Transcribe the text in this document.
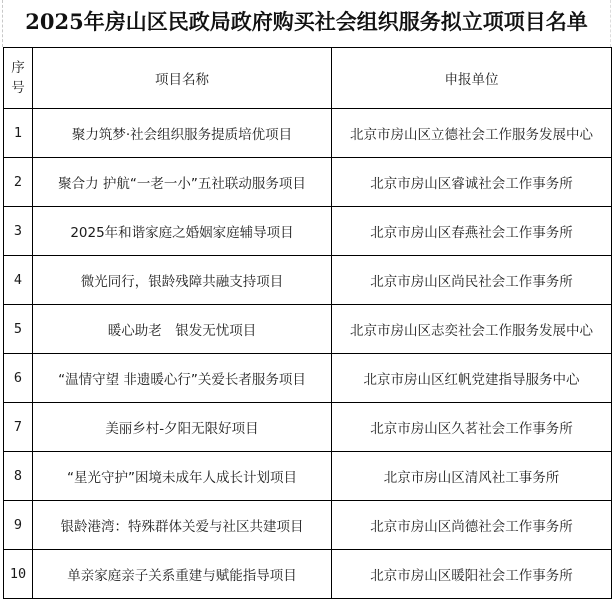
2025年房山区民政局政府购买社会组织服务拟立项项目名单
序号	项目名称	申报单位
1	聚力筑梦·社会组织服务提质培优项目	北京市房山区立德社会工作服务发展中心
2	聚合力 护航“一老一小”五社联动服务项目	北京市房山区睿诚社会工作事务所
3	2025年和谐家庭之婚姻家庭辅导项目	北京市房山区春燕社会工作事务所
4	微光同行，银龄残障共融支持项目	北京市房山区尚民社会工作事务所
5	暖心助老　银发无忧项目	北京市房山区志奕社会工作服务发展中心
6	“温情守望 非遗暖心行”关爱长者服务项目	北京市房山区红帆党建指导服务中心
7	美丽乡村-夕阳无限好项目	北京市房山区久茗社会工作事务所
8	“星光守护”困境未成年人成长计划项目	北京市房山区清风社工事务所
9	银龄港湾：特殊群体关爱与社区共建项目	北京市房山区尚德社会工作事务所
10	单亲家庭亲子关系重建与赋能指导项目	北京市房山区暖阳社会工作事务所
